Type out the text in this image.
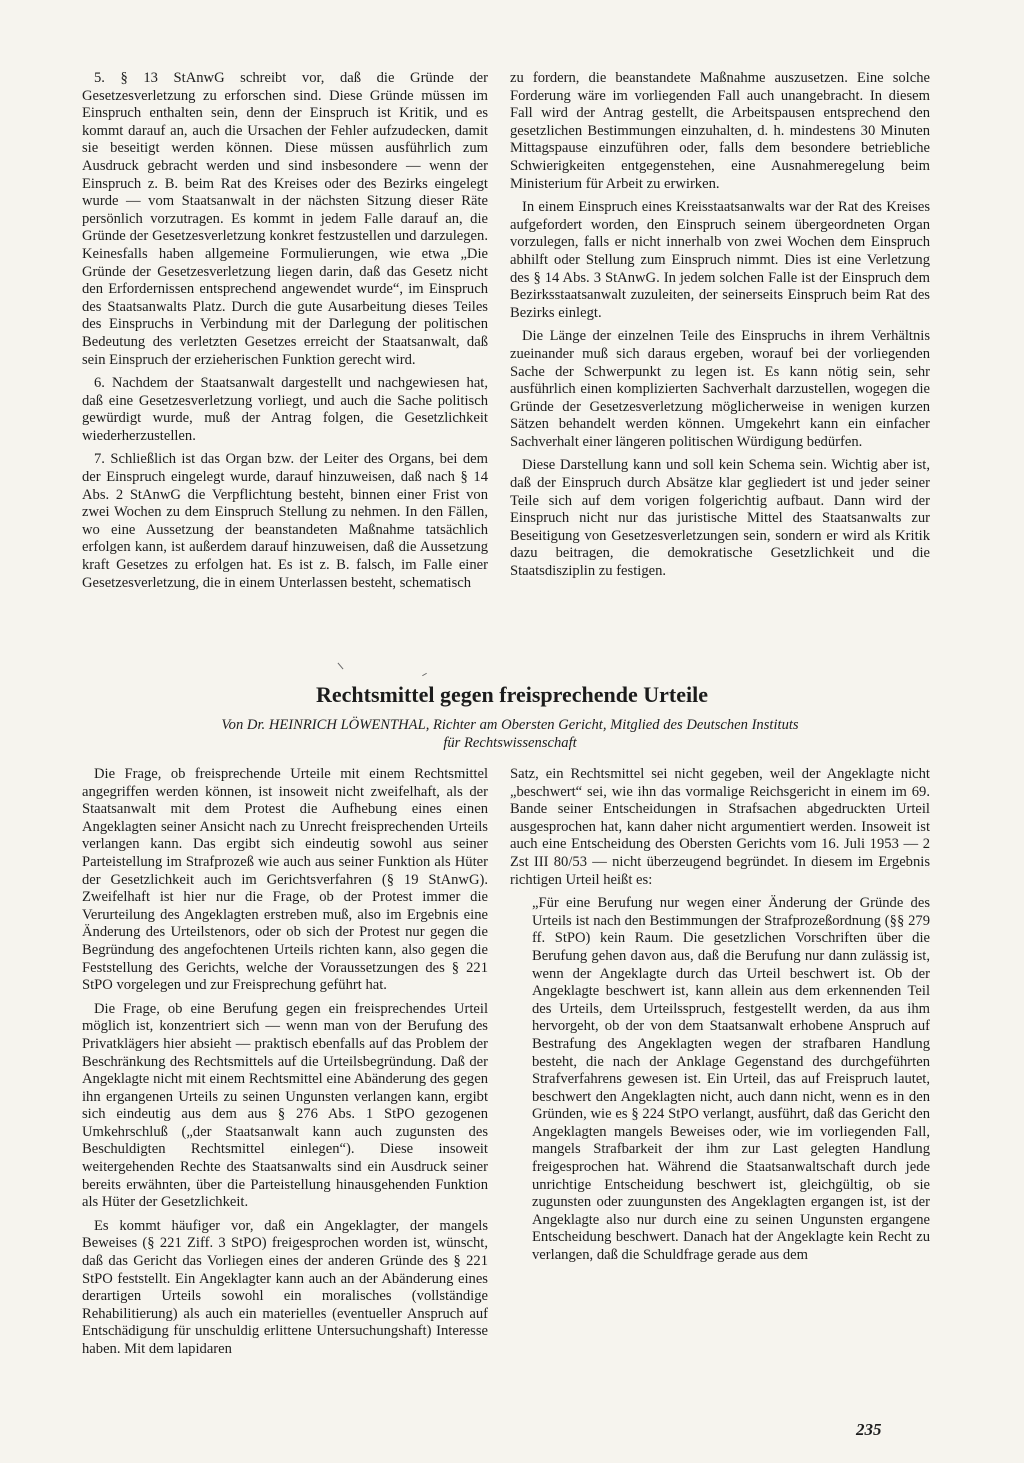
5. § 13 StAnwG schreibt vor, daß die Gründe der Gesetzesverletzung zu erforschen sind. Diese Gründe müssen im Einspruch enthalten sein, denn der Einspruch ist Kritik, und es kommt darauf an, auch die Ursachen der Fehler aufzudecken, damit sie beseitigt werden können. Diese müssen ausführlich zum Ausdruck gebracht werden und sind insbesondere — wenn der Einspruch z. B. beim Rat des Kreises oder des Bezirks eingelegt wurde — vom Staatsanwalt in der nächsten Sitzung dieser Räte persönlich vorzutragen. Es kommt in jedem Falle darauf an, die Gründe der Gesetzesverletzung konkret festzustellen und darzulegen. Keinesfalls haben allgemeine Formulierungen, wie etwa „Die Gründe der Gesetzesverletzung liegen darin, daß das Gesetz nicht den Erfordernissen entsprechend angewendet wurde“, im Einspruch des Staatsanwalts Platz. Durch die gute Ausarbeitung dieses Teiles des Einspruchs in Verbindung mit der Darlegung der politischen Bedeutung des verletzten Gesetzes erreicht der Staatsanwalt, daß sein Einspruch der erzieherischen Funktion gerecht wird.

6. Nachdem der Staatsanwalt dargestellt und nachgewiesen hat, daß eine Gesetzesverletzung vorliegt, und auch die Sache politisch gewürdigt wurde, muß der Antrag folgen, die Gesetzlichkeit wiederherzustellen.

7. Schließlich ist das Organ bzw. der Leiter des Organs, bei dem der Einspruch eingelegt wurde, darauf hinzuweisen, daß nach § 14 Abs. 2 StAnwG die Verpflichtung besteht, binnen einer Frist von zwei Wochen zu dem Einspruch Stellung zu nehmen. In den Fällen, wo eine Aussetzung der beanstandeten Maßnahme tatsächlich erfolgen kann, ist außerdem darauf hinzuweisen, daß die Aussetzung kraft Gesetzes zu erfolgen hat. Es ist z. B. falsch, im Falle einer Gesetzesverletzung, die in einem Unterlassen besteht, schematisch

zu fordern, die beanstandete Maßnahme auszusetzen. Eine solche Forderung wäre im vorliegenden Fall auch unangebracht. In diesem Fall wird der Antrag gestellt, die Arbeitspausen entsprechend den gesetzlichen Bestimmungen einzuhalten, d. h. mindestens 30 Minuten Mittagspause einzuführen oder, falls dem besondere betriebliche Schwierigkeiten entgegenstehen, eine Ausnahmeregelung beim Ministerium für Arbeit zu erwirken.

In einem Einspruch eines Kreisstaatsanwalts war der Rat des Kreises aufgefordert worden, den Einspruch seinem übergeordneten Organ vorzulegen, falls er nicht innerhalb von zwei Wochen dem Einspruch abhilft oder Stellung zum Einspruch nimmt. Dies ist eine Verletzung des § 14 Abs. 3 StAnwG. In jedem solchen Falle ist der Einspruch dem Bezirksstaatsanwalt zuzuleiten, der seinerseits Einspruch beim Rat des Bezirks einlegt.

Die Länge der einzelnen Teile des Einspruchs in ihrem Verhältnis zueinander muß sich daraus ergeben, worauf bei der vorliegenden Sache der Schwerpunkt zu legen ist. Es kann nötig sein, sehr ausführlich einen komplizierten Sachverhalt darzustellen, wogegen die Gründe der Gesetzesverletzung möglicherweise in wenigen kurzen Sätzen behandelt werden können. Umgekehrt kann ein einfacher Sachverhalt einer längeren politischen Würdigung bedürfen.

Diese Darstellung kann und soll kein Schema sein. Wichtig aber ist, daß der Einspruch durch Absätze klar gegliedert ist und jeder seiner Teile sich auf dem vorigen folgerichtig aufbaut. Dann wird der Einspruch nicht nur das juristische Mittel des Staatsanwalts zur Beseitigung von Gesetzesverletzungen sein, sondern er wird als Kritik dazu beitragen, die demokratische Gesetzlichkeit und die Staatsdisziplin zu festigen.

Rechtsmittel gegen freisprechende Urteile
Von Dr. HEINRICH LÖWENTHAL, Richter am Obersten Gericht, Mitglied des Deutschen Instituts
für Rechtswissenschaft

Die Frage, ob freisprechende Urteile mit einem Rechtsmittel angegriffen werden können, ist insoweit nicht zweifelhaft, als der Staatsanwalt mit dem Protest die Aufhebung eines einen Angeklagten seiner Ansicht nach zu Unrecht freisprechenden Urteils verlangen kann. Das ergibt sich eindeutig sowohl aus seiner Parteistellung im Strafprozeß wie auch aus seiner Funktion als Hüter der Gesetzlichkeit auch im Gerichtsverfahren (§ 19 StAnwG). Zweifelhaft ist hier nur die Frage, ob der Protest immer die Verurteilung des Angeklagten erstreben muß, also im Ergebnis eine Änderung des Urteilstenors, oder ob sich der Protest nur gegen die Begründung des angefochtenen Urteils richten kann, also gegen die Feststellung des Gerichts, welche der Voraussetzungen des § 221 StPO vorgelegen und zur Freisprechung geführt hat.

Die Frage, ob eine Berufung gegen ein freisprechendes Urteil möglich ist, konzentriert sich — wenn man von der Berufung des Privatklägers hier absieht — praktisch ebenfalls auf das Problem der Beschränkung des Rechtsmittels auf die Urteilsbegründung. Daß der Angeklagte nicht mit einem Rechtsmittel eine Abänderung des gegen ihn ergangenen Urteils zu seinen Ungunsten verlangen kann, ergibt sich eindeutig aus dem aus § 276 Abs. 1 StPO gezogenen Umkehrschluß („der Staatsanwalt kann auch zugunsten des Beschuldigten Rechtsmittel einlegen“). Diese insoweit weitergehenden Rechte des Staatsanwalts sind ein Ausdruck seiner bereits erwähnten, über die Parteistellung hinausgehenden Funktion als Hüter der Gesetzlichkeit.

Es kommt häufiger vor, daß ein Angeklagter, der mangels Beweises (§ 221 Ziff. 3 StPO) freigesprochen worden ist, wünscht, daß das Gericht das Vorliegen eines der anderen Gründe des § 221 StPO feststellt. Ein Angeklagter kann auch an der Abänderung eines derartigen Urteils sowohl ein moralisches (vollständige Rehabilitierung) als auch ein materielles (eventueller Anspruch auf Entschädigung für unschuldig erlittene Untersuchungshaft) Interesse haben. Mit dem lapidaren

Satz, ein Rechtsmittel sei nicht gegeben, weil der Angeklagte nicht „beschwert“ sei, wie ihn das vormalige Reichsgericht in einem im 69. Bande seiner Entscheidungen in Strafsachen abgedruckten Urteil ausgesprochen hat, kann daher nicht argumentiert werden. Insoweit ist auch eine Entscheidung des Obersten Gerichts vom 16. Juli 1953 — 2 Zst III 80/53 — nicht überzeugend begründet. In diesem im Ergebnis richtigen Urteil heißt es:

„Für eine Berufung nur wegen einer Änderung der Gründe des Urteils ist nach den Bestimmungen der Strafprozeßordnung (§§ 279 ff. StPO) kein Raum. Die gesetzlichen Vorschriften über die Berufung gehen davon aus, daß die Berufung nur dann zulässig ist, wenn der Angeklagte durch das Urteil beschwert ist. Ob der Angeklagte beschwert ist, kann allein aus dem erkennenden Teil des Urteils, dem Urteilsspruch, festgestellt werden, da aus ihm hervorgeht, ob der von dem Staatsanwalt erhobene Anspruch auf Bestrafung des Angeklagten wegen der strafbaren Handlung besteht, die nach der Anklage Gegenstand des durchgeführten Strafverfahrens gewesen ist. Ein Urteil, das auf Freispruch lautet, beschwert den Angeklagten nicht, auch dann nicht, wenn es in den Gründen, wie es § 224 StPO verlangt, ausführt, daß das Gericht den Angeklagten mangels Beweises oder, wie im vorliegenden Fall, mangels Strafbarkeit der ihm zur Last gelegten Handlung freigesprochen hat. Während die Staatsanwaltschaft durch jede unrichtige Entscheidung beschwert ist, gleichgültig, ob sie zugunsten oder zuungunsten des Angeklagten ergangen ist, ist der Angeklagte also nur durch eine zu seinen Ungunsten ergangene Entscheidung beschwert. Danach hat der Angeklagte kein Recht zu verlangen, daß die Schuldfrage gerade aus dem

235
